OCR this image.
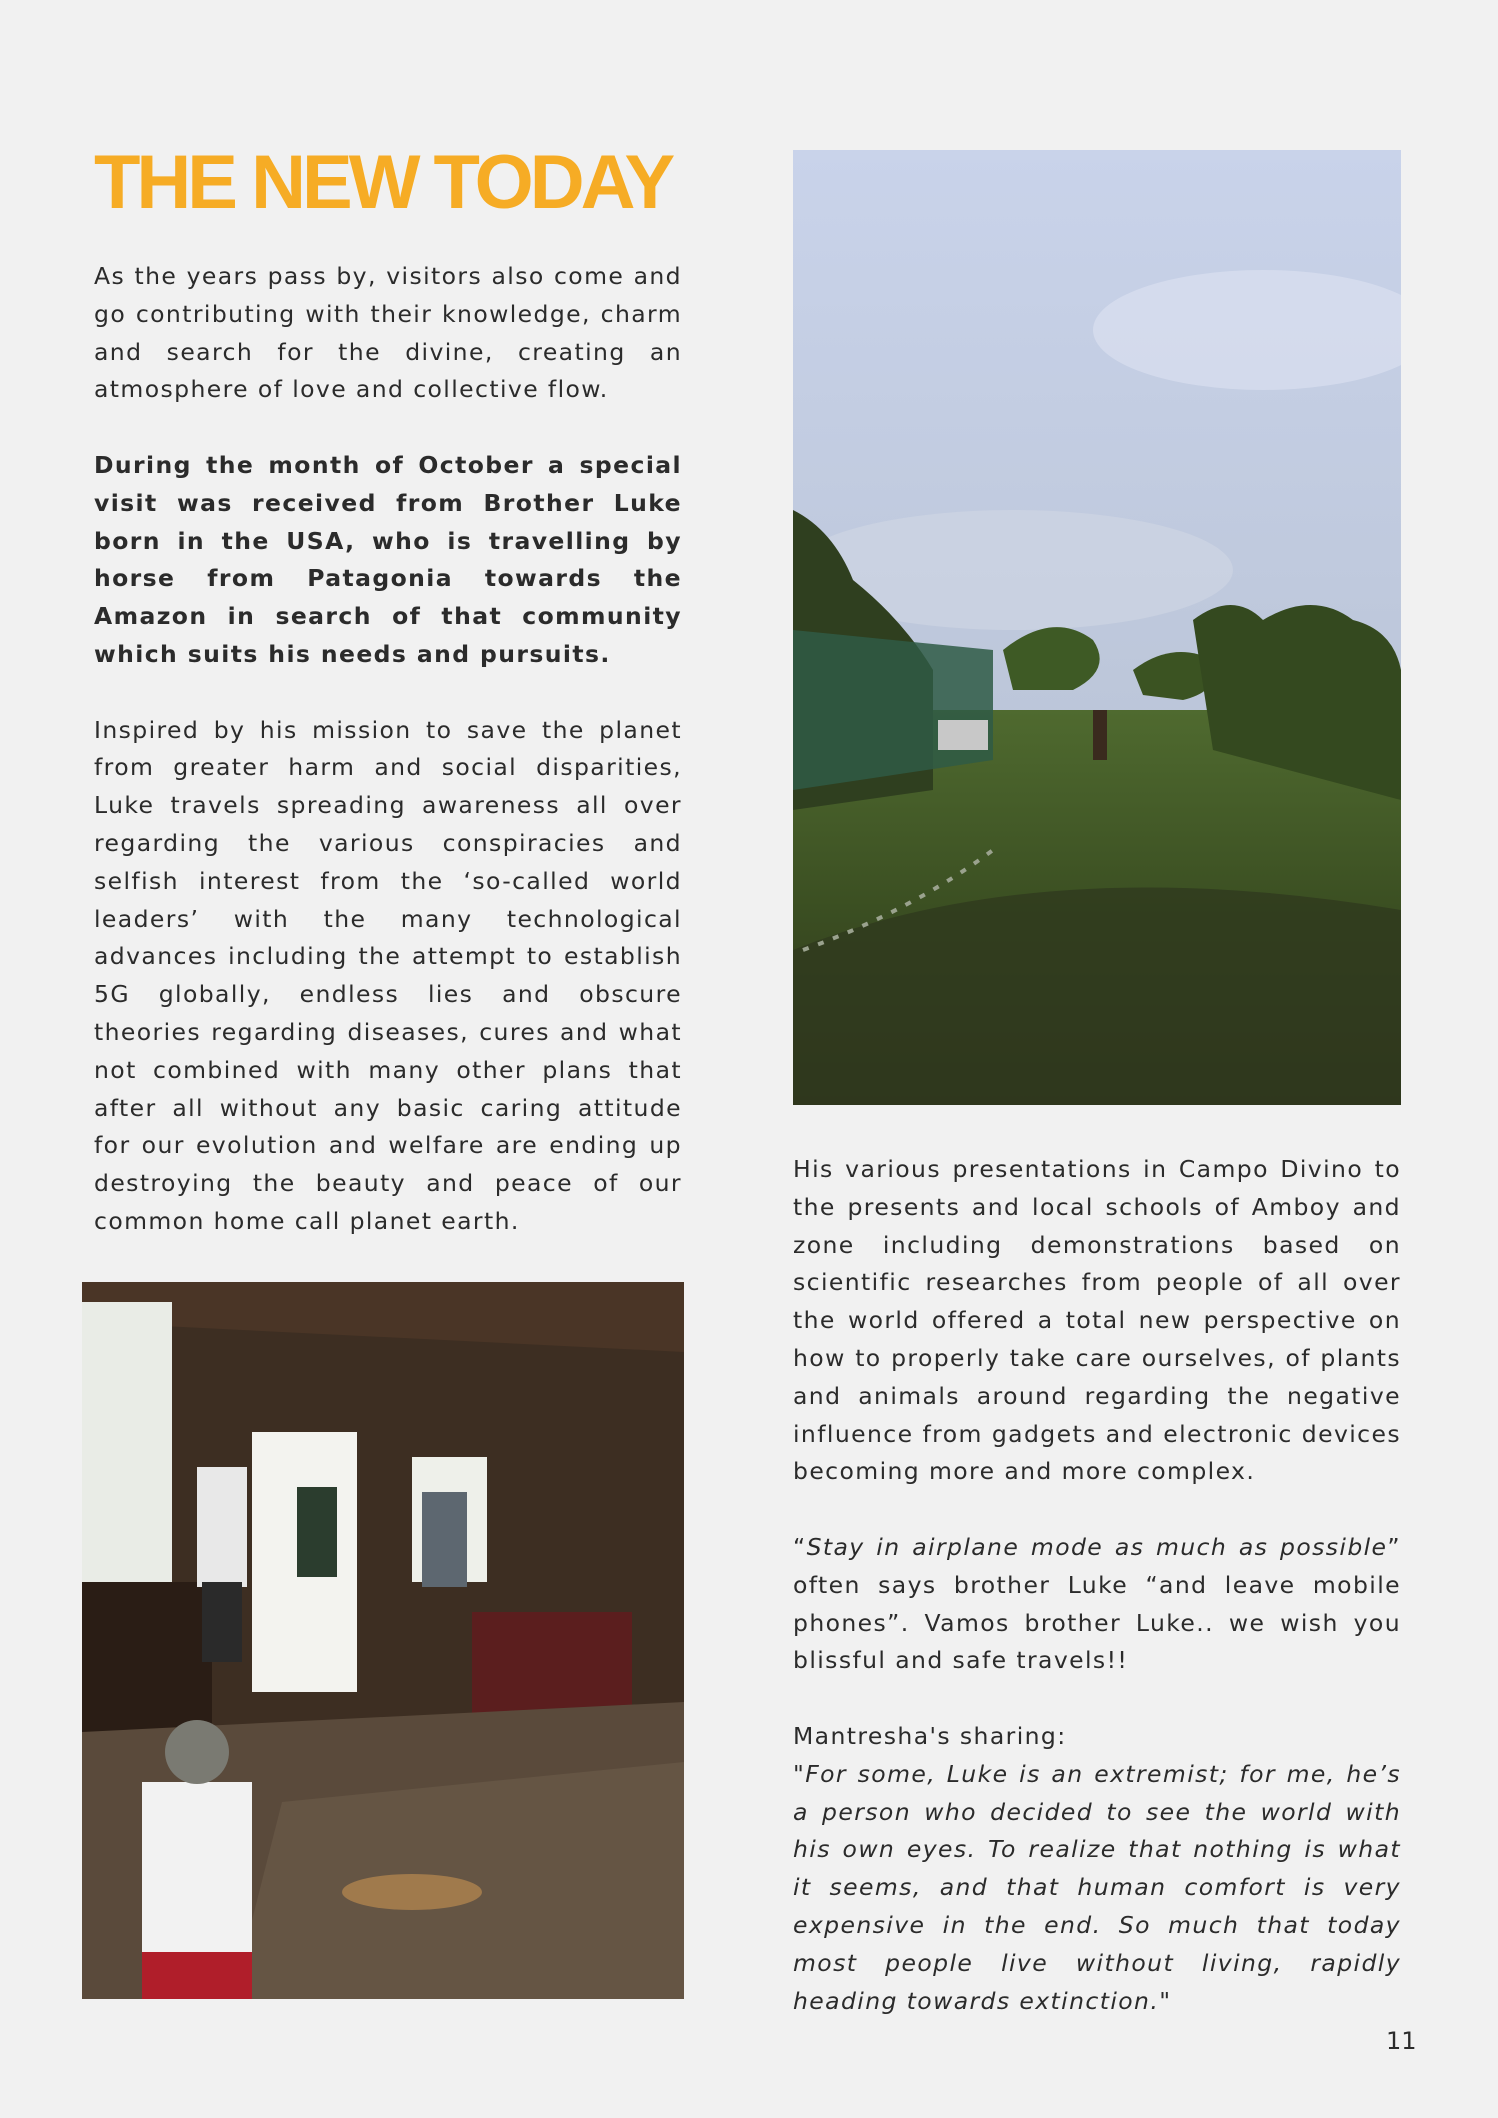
THE NEW TODAY

As the years pass by, visitors also come and go contributing with their knowledge, charm and search for the divine, creating an atmosphere of love and collective flow.

During the month of October a special visit was received from Brother Luke born in the USA, who is travelling by horse from Patagonia towards the Amazon in search of that community which suits his needs and pursuits.

Inspired by his mission to save the planet from greater harm and social disparities, Luke travels spreading awareness all over regarding the various conspiracies and selfish interest from the ‘so-called world leaders’ with the many technological advances including the attempt to establish 5G globally, endless lies and obscure theories regarding diseases, cures and what not combined with many other plans that after all without any basic caring attitude for our evolution and welfare are ending up destroying the beauty and peace of our common home call planet earth.

His various presentations in Campo Divino to the presents and local schools of Amboy and zone including demonstrations based on scientific researches from people of all over the world offered a total new perspective on how to properly take care ourselves, of plants and animals around regarding the negative influence from gadgets and electronic devices becoming more and more complex.

“Stay in airplane mode as much as possible” often says brother Luke “and leave mobile phones”. Vamos brother Luke.. we wish you blissful and safe travels!!

Mantresha's sharing:

"For some, Luke is an extremist; for me, he’s a person who decided to see the world with his own eyes. To realize that nothing is what it seems, and that human comfort is very expensive in the end. So much that today most people live without living, rapidly heading towards extinction."

11
